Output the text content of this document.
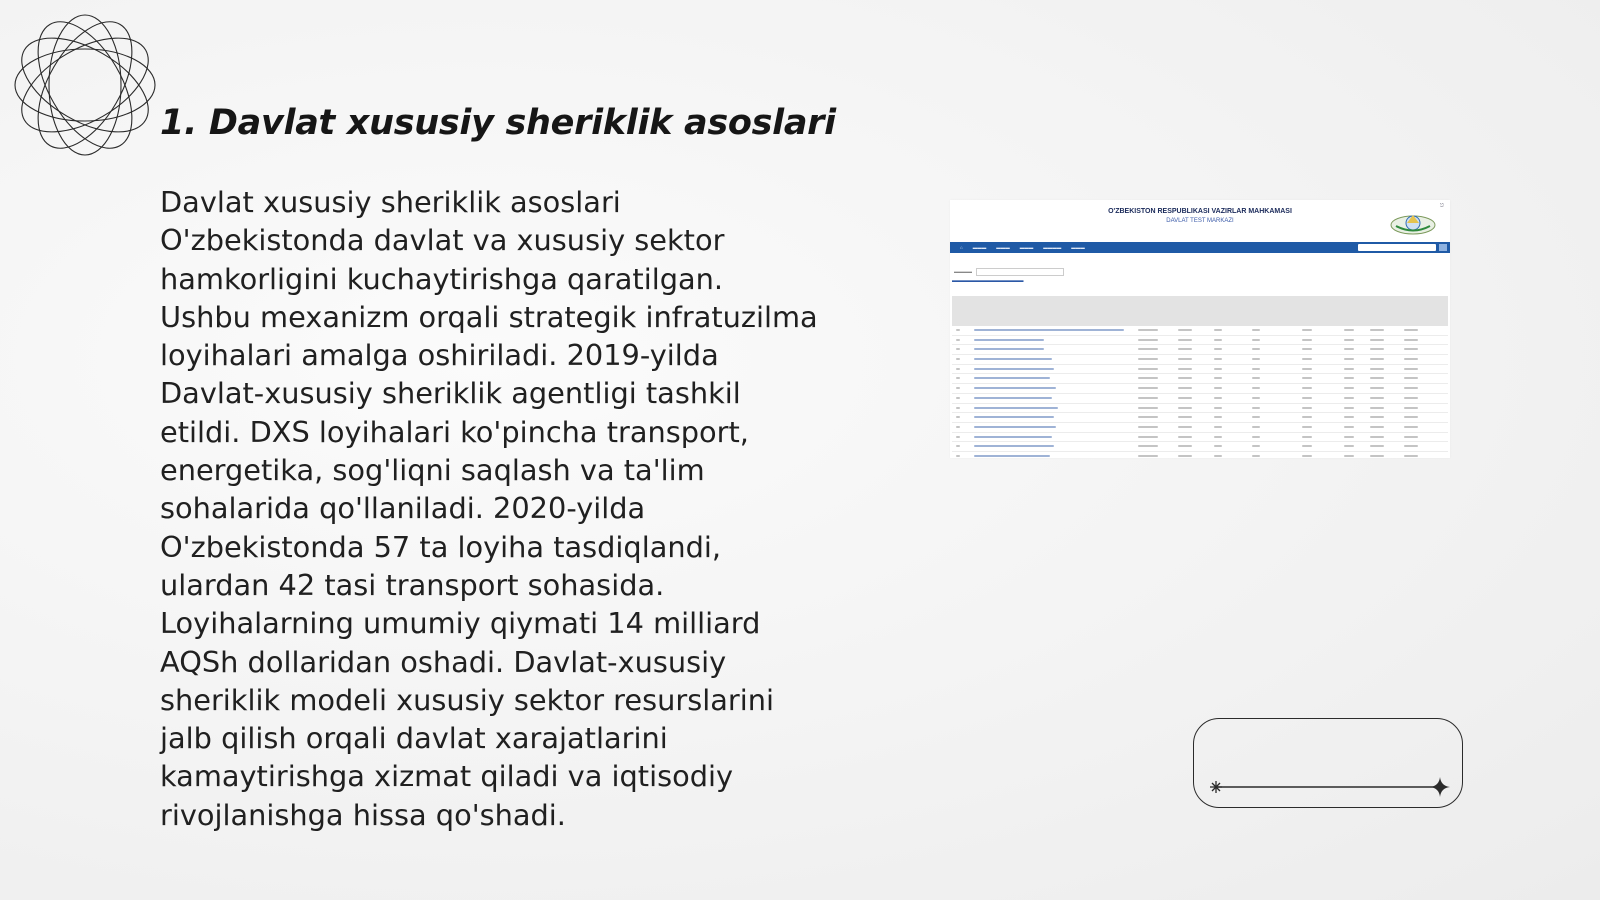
1. Davlat xususiy sheriklik asoslari

Davlat xususiy sheriklik asoslari O'zbekistonda davlat va xususiy sektor hamkorligini kuchaytirishga qaratilgan. Ushbu mexanizm orqali strategik infratuzilma loyihalari amalga oshiriladi. 2019-yilda Davlat-xususiy sheriklik agentligi tashkil etildi. DXS loyihalari ko'pincha transport, energetika, sog'liqni saqlash va ta'lim sohalarida qo'llaniladi. 2020-yilda O'zbekistonda 57 ta loyiha tasdiqlandi, ulardan 42 tasi transport sohasida. Loyihalarning umumiy qiymati 14 milliard AQSh dollaridan oshadi. Davlat-xususiy sheriklik modeli xususiy sektor resurslarini jalb qilish orqali davlat xarajatlarini kamaytirishga xizmat qiladi va iqtisodiy rivojlanishga hissa qo'shadi.

⎋
O'ZBEKISTON RESPUBLIKASI VAZIRLAR MAHKAMASI
DAVLAT TEST MARKAZI
⌂ ▬▬▬ ▬▬▬ ▬▬▬ ▬▬▬▬ ▬▬▬
▬▬▬▬
▬▬▬▬▬▬▬▬▬▬▬▬▬
